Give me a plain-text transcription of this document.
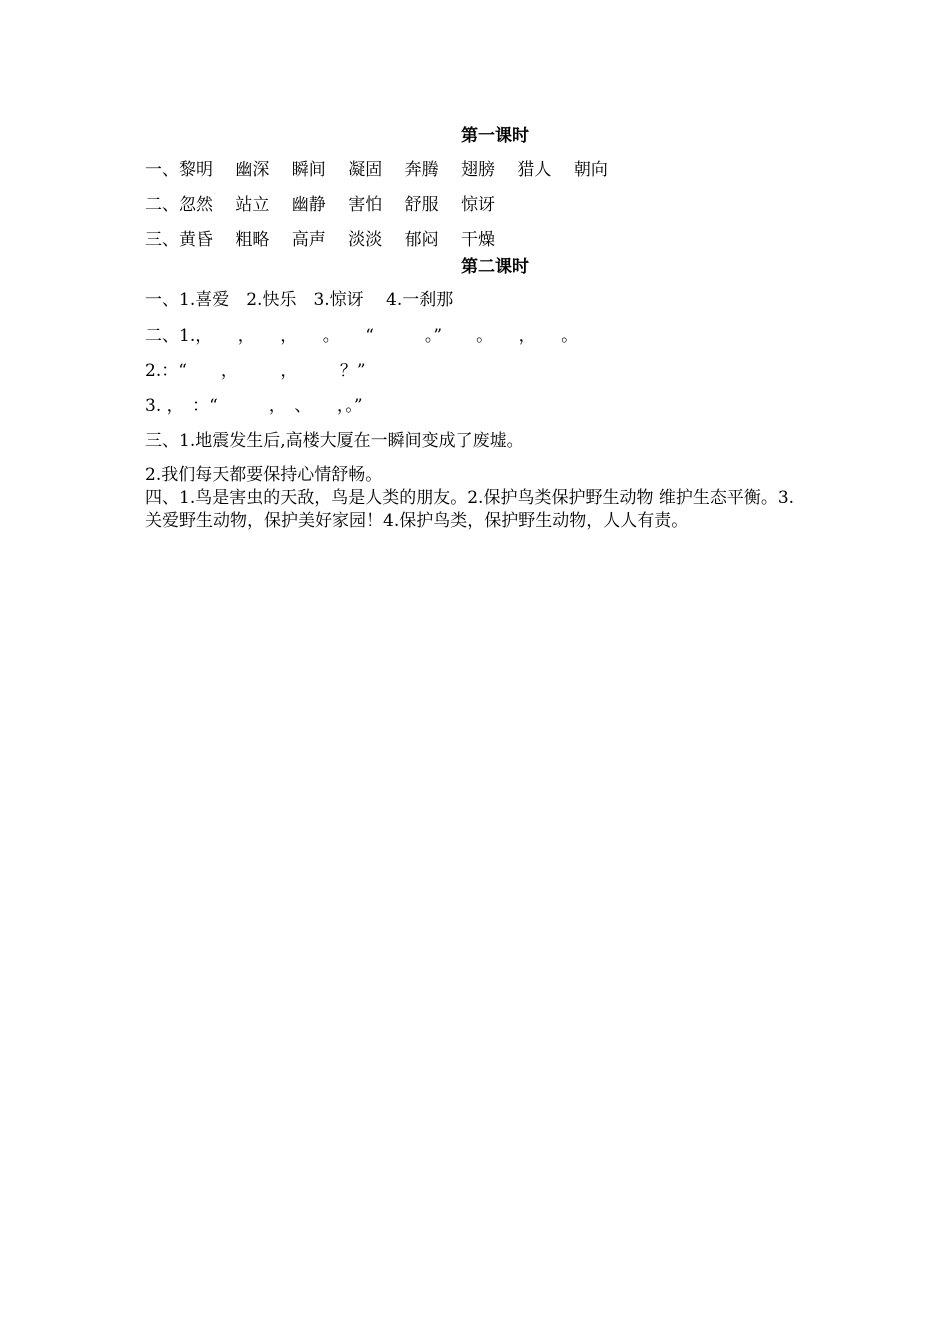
第一课时
一、黎明　 幽深　 瞬间　 凝固　 奔腾　 翅膀　 猎人　 朝向
二、忽然　 站立　 幽静　 害怕　 舒服　 惊讶
三、黄昏　 粗略　 高声　 淡淡　 郁闷　 干燥
第二课时
一、1.喜爱　2.快乐　3.惊讶　 4.一刹那
二、1.，　　，　　，　　。　　“　　　。”　　。　　，　　。
2.：“　　，　　　，　　　？”
3. ，　：“　　　，　、　　，。”
三、1.地震发生后,高楼大厦在一瞬间变成了废墟。
2.我们每天都要保持心情舒畅。
四、1.鸟是害虫的天敌，鸟是人类的朋友。2.保护鸟类保护野生动物 维护生态平衡。3.关爱野生动物，保护美好家园！4.保护鸟类，保护野生动物，人人有责。
